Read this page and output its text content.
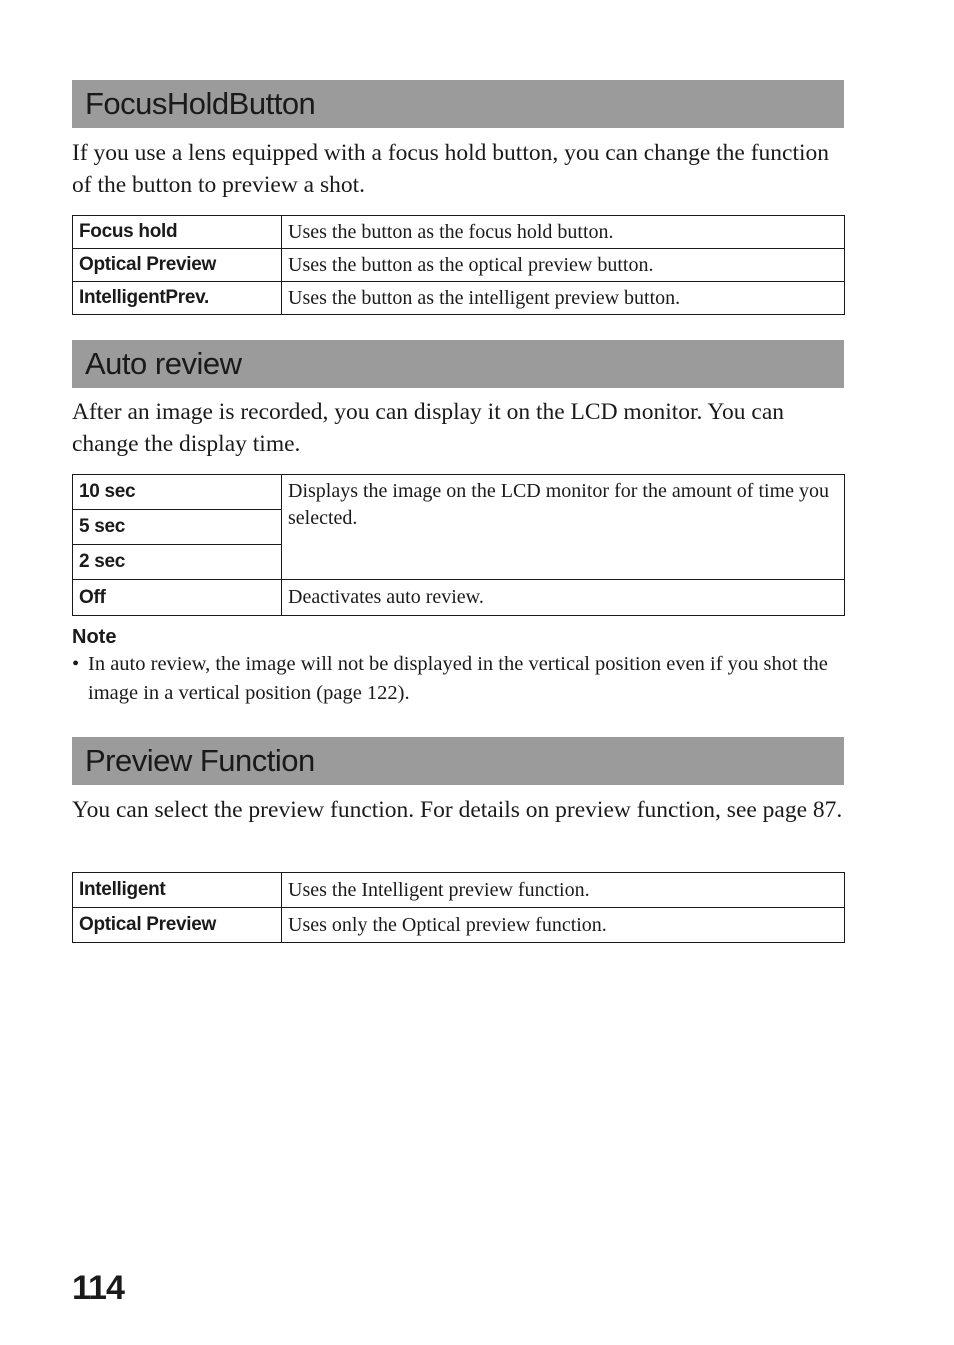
FocusHoldButton

If you use a lens equipped with a focus hold button, you can change the function of the button to preview a shot.

Focus hold	Uses the button as the focus hold button.
Optical Preview	Uses the button as the optical preview button.
IntelligentPrev.	Uses the button as the intelligent preview button.
Auto review

After an image is recorded, you can display it on the LCD monitor. You can change the display time.

10 sec	Displays the image on the LCD monitor for the amount of time you selected.
5 sec	
2 sec	
Off	Deactivates auto review.
Note
• In auto review, the image will not be displayed in the vertical position even if you shot the image in a vertical position (page 122).
Preview Function

You can select the preview function. For details on preview function, see page 87.

Intelligent	Uses the Intelligent preview function.
Optical Preview	Uses only the Optical preview function.
114
